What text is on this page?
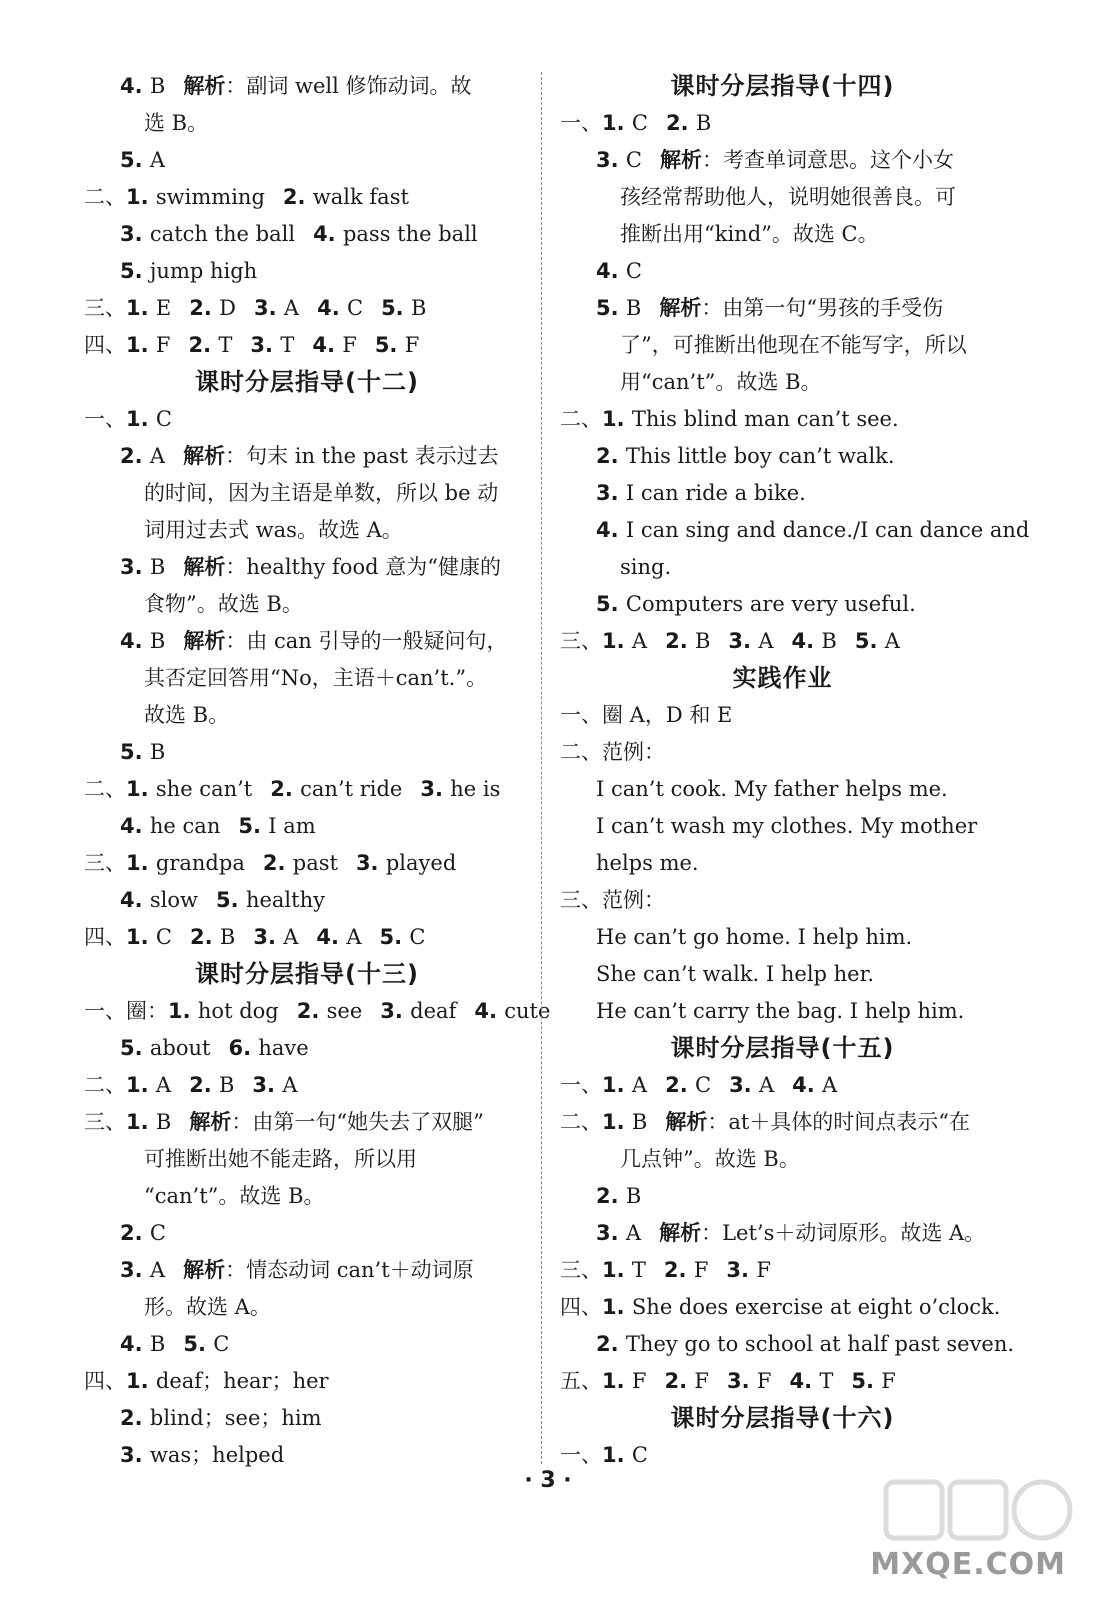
4. B 解析：副词 well 修饰动词。故
选 B。
5. A
二、1. swimming 2. walk fast
3. catch the ball 4. pass the ball
5. jump high
三、1. E 2. D 3. A 4. C 5. B
四、1. F 2. T 3. T 4. F 5. F
课时分层指导(十二)
一、1. C
2. A 解析：句末 in the past 表示过去
的时间，因为主语是单数，所以 be 动
词用过去式 was。故选 A。
3. B 解析：healthy food 意为“健康的
食物”。故选 B。
4. B 解析：由 can 引导的一般疑问句，
其否定回答用“No，主语＋can’t.”。
故选 B。
5. B
二、1. she can’t 2. can’t ride 3. he is
4. he can 5. I am
三、1. grandpa 2. past 3. played
4. slow 5. healthy
四、1. C 2. B 3. A 4. A 5. C
课时分层指导(十三)
一、圈：1. hot dog 2. see 3. deaf 4. cute
5. about 6. have
二、1. A 2. B 3. A
三、1. B 解析：由第一句“她失去了双腿”
可推断出她不能走路，所以用
“can’t”。故选 B。
2. C
3. A 解析：情态动词 can’t＋动词原
形。故选 A。
4. B 5. C
四、1. deaf；hear；her
2. blind；see；him
3. was；helped
课时分层指导(十四)
一、1. C 2. B
3. C 解析：考查单词意思。这个小女
孩经常帮助他人，说明她很善良。可
推断出用“kind”。故选 C。
4. C
5. B 解析：由第一句“男孩的手受伤
了”，可推断出他现在不能写字，所以
用“can’t”。故选 B。
二、1. This blind man can’t see.
2. This little boy can’t walk.
3. I can ride a bike.
4. I can sing and dance./I can dance and
sing.
5. Computers are very useful.
三、1. A 2. B 3. A 4. B 5. A
实践作业
一、圈 A，D 和 E
二、范例：
I can’t cook. My father helps me.
I can’t wash my clothes. My mother
helps me.
三、范例：
He can’t go home. I help him.
She can’t walk. I help her.
He can’t carry the bag. I help him.
课时分层指导(十五)
一、1. A 2. C 3. A 4. A
二、1. B 解析：at＋具体的时间点表示“在
几点钟”。故选 B。
2. B
3. A 解析：Let’s＋动词原形。故选 A。
三、1. T 2. F 3. F
四、1. She does exercise at eight o’clock.
2. They go to school at half past seven.
五、1. F 2. F 3. F 4. T 5. F
课时分层指导(十六)
一、1. C
· 3 ·
MXQE.COM
